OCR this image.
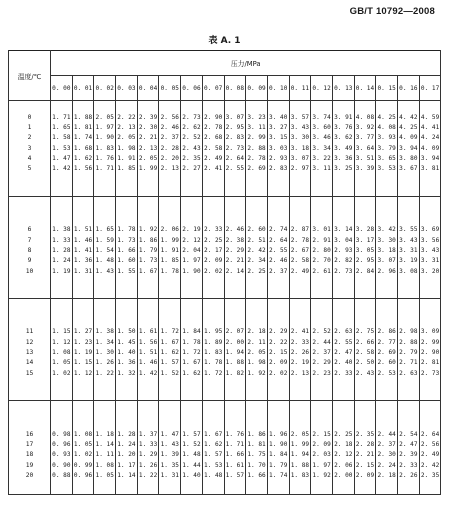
GB/T 10792—2008
表 A. 1
温度/℃	压力/MPa																	
	0. 00	0. 01	0. 02	0. 03	0. 04	0. 05	0. 06	0. 07	0. 08	0. 09	0. 10	0. 11	0. 12	0. 13	0. 14	0. 15	0. 16	0. 17

0	1. 71	1. 88	2. 05	2. 22	2. 39	2. 56	2. 73	2. 90	3. 07	3. 23	3. 40	3. 57	3. 74	3. 91	4. 08	4. 25	4. 42	4. 59
1	1. 65	1. 81	1. 97	2. 13	2. 30	2. 46	2. 62	2. 78	2. 95	3. 11	3. 27	3. 43	3. 60	3. 76	3. 92	4. 08	4. 25	4. 41
2	1. 58	1. 74	1. 90	2. 05	2. 21	2. 37	2. 52	2. 68	2. 83	2. 99	3. 15	3. 30	3. 46	3. 62	3. 77	3. 93	4. 09	4. 24
3	1. 53	1. 68	1. 83	1. 98	2. 13	2. 28	2. 43	2. 58	2. 73	2. 88	3. 03	3. 18	3. 34	3. 49	3. 64	3. 79	3. 94	4. 09
4	1. 47	1. 62	1. 76	1. 91	2. 05	2. 20	2. 35	2. 49	2. 64	2. 78	2. 93	3. 07	3. 22	3. 36	3. 51	3. 65	3. 80	3. 94
5	1. 42	1. 56	1. 71	1. 85	1. 99	2. 13	2. 27	2. 41	2. 55	2. 69	2. 83	2. 97	3. 11	3. 25	3. 39	3. 53	3. 67	3. 81

6	1. 38	1. 51	1. 65	1. 78	1. 92	2. 06	2. 19	2. 33	2. 46	2. 60	2. 74	2. 87	3. 01	3. 14	3. 28	3. 42	3. 55	3. 69
7	1. 33	1. 46	1. 59	1. 73	1. 86	1. 99	2. 12	2. 25	2. 38	2. 51	2. 64	2. 78	2. 91	3. 04	3. 17	3. 30	3. 43	3. 56
8	1. 28	1. 41	1. 54	1. 66	1. 79	1. 91	2. 04	2. 17	2. 29	2. 42	2. 55	2. 67	2. 80	2. 93	3. 05	3. 18	3. 31	3. 43
9	1. 24	1. 36	1. 48	1. 60	1. 73	1. 85	1. 97	2. 09	2. 21	2. 34	2. 46	2. 58	2. 70	2. 82	2. 95	3. 07	3. 19	3. 31
10	1. 19	1. 31	1. 43	1. 55	1. 67	1. 78	1. 90	2. 02	2. 14	2. 25	2. 37	2. 49	2. 61	2. 73	2. 84	2. 96	3. 08	3. 20

11	1. 15	1. 27	1. 38	1. 50	1. 61	1. 72	1. 84	1. 95	2. 07	2. 18	2. 29	2. 41	2. 52	2. 63	2. 75	2. 86	2. 98	3. 09
12	1. 12	1. 23	1. 34	1. 45	1. 56	1. 67	1. 78	1. 89	2. 00	2. 11	2. 22	2. 33	2. 44	2. 55	2. 66	2. 77	2. 88	2. 99
13	1. 08	1. 19	1. 30	1. 40	1. 51	1. 62	1. 72	1. 83	1. 94	2. 05	2. 15	2. 26	2. 37	2. 47	2. 58	2. 69	2. 79	2. 90
14	1. 05	1. 15	1. 26	1. 36	1. 46	1. 57	1. 67	1. 78	1. 88	1. 98	2. 09	2. 19	2. 29	2. 40	2. 50	2. 60	2. 71	2. 81
15	1. 02	1. 12	1. 22	1. 32	1. 42	1. 52	1. 62	1. 72	1. 82	1. 92	2. 02	2. 13	2. 23	2. 33	2. 43	2. 53	2. 63	2. 73

16	0. 98	1. 08	1. 18	1. 28	1. 37	1. 47	1. 57	1. 67	1. 76	1. 86	1. 96	2. 05	2. 15	2. 25	2. 35	2. 44	2. 54	2. 64
17	0. 96	1. 05	1. 14	1. 24	1. 33	1. 43	1. 52	1. 62	1. 71	1. 81	1. 90	1. 99	2. 09	2. 18	2. 28	2. 37	2. 47	2. 56
18	0. 93	1. 02	1. 11	1. 20	1. 29	1. 39	1. 48	1. 57	1. 66	1. 75	1. 84	1. 94	2. 03	2. 12	2. 21	2. 30	2. 39	2. 49
19	0. 90	0. 99	1. 08	1. 17	1. 26	1. 35	1. 44	1. 53	1. 61	1. 70	1. 79	1. 88	1. 97	2. 06	2. 15	2. 24	2. 33	2. 42
20	0. 88	0. 96	1. 05	1. 14	1. 22	1. 31	1. 40	1. 48	1. 57	1. 66	1. 74	1. 83	1. 92	2. 00	2. 09	2. 18	2. 26	2. 35
